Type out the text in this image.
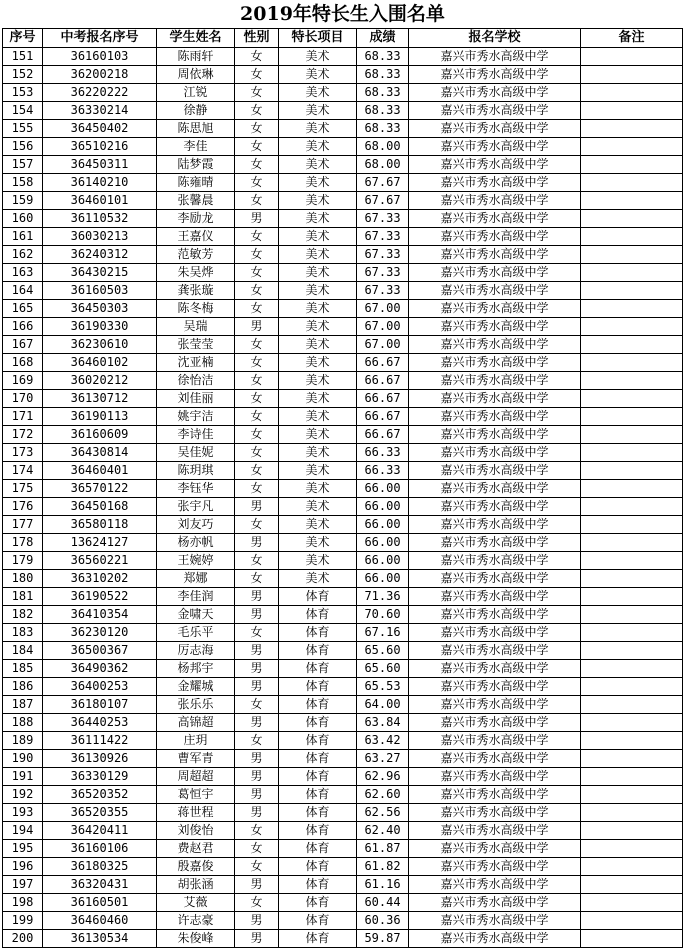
2019年特长生入围名单
序号	中考报名序号	学生姓名	性别	特长项目	成绩	报名学校	备注
151	36160103	陈雨轩	女	美术	68.33	嘉兴市秀水高级中学	
152	36200218	周依琳	女	美术	68.33	嘉兴市秀水高级中学	
153	36220222	江锐	女	美术	68.33	嘉兴市秀水高级中学	
154	36330214	徐静	女	美术	68.33	嘉兴市秀水高级中学	
155	36450402	陈思旭	女	美术	68.33	嘉兴市秀水高级中学	
156	36510216	李佳	女	美术	68.00	嘉兴市秀水高级中学	
157	36450311	陆梦霞	女	美术	68.00	嘉兴市秀水高级中学	
158	36140210	陈雍晴	女	美术	67.67	嘉兴市秀水高级中学	
159	36460101	张馨晨	女	美术	67.67	嘉兴市秀水高级中学	
160	36110532	李励龙	男	美术	67.33	嘉兴市秀水高级中学	
161	36030213	王嘉仪	女	美术	67.33	嘉兴市秀水高级中学	
162	36240312	范敏芳	女	美术	67.33	嘉兴市秀水高级中学	
163	36430215	朱吴烨	女	美术	67.33	嘉兴市秀水高级中学	
164	36160503	龚张璇	女	美术	67.33	嘉兴市秀水高级中学	
165	36450303	陈冬梅	女	美术	67.00	嘉兴市秀水高级中学	
166	36190330	吴瑞	男	美术	67.00	嘉兴市秀水高级中学	
167	36230610	张莹莹	女	美术	67.00	嘉兴市秀水高级中学	
168	36460102	沈亚楠	女	美术	66.67	嘉兴市秀水高级中学	
169	36020212	徐怡洁	女	美术	66.67	嘉兴市秀水高级中学	
170	36130712	刘佳丽	女	美术	66.67	嘉兴市秀水高级中学	
171	36190113	姚宇洁	女	美术	66.67	嘉兴市秀水高级中学	
172	36160609	李诗佳	女	美术	66.67	嘉兴市秀水高级中学	
173	36430814	吴佳妮	女	美术	66.33	嘉兴市秀水高级中学	
174	36460401	陈玥琪	女	美术	66.33	嘉兴市秀水高级中学	
175	36570122	李钰华	女	美术	66.00	嘉兴市秀水高级中学	
176	36450168	张宇凡	男	美术	66.00	嘉兴市秀水高级中学	
177	36580118	刘友巧	女	美术	66.00	嘉兴市秀水高级中学	
178	13624127	杨亦帆	男	美术	66.00	嘉兴市秀水高级中学	
179	36560221	王婉婷	女	美术	66.00	嘉兴市秀水高级中学	
180	36310202	郑娜	女	美术	66.00	嘉兴市秀水高级中学	
181	36190522	李佳润	男	体育	71.36	嘉兴市秀水高级中学	
182	36410354	金啸天	男	体育	70.60	嘉兴市秀水高级中学	
183	36230120	毛乐平	女	体育	67.16	嘉兴市秀水高级中学	
184	36500367	厉志海	男	体育	65.60	嘉兴市秀水高级中学	
185	36490362	杨邦宇	男	体育	65.60	嘉兴市秀水高级中学	
186	36400253	金耀城	男	体育	65.53	嘉兴市秀水高级中学	
187	36180107	张乐乐	女	体育	64.00	嘉兴市秀水高级中学	
188	36440253	高锦超	男	体育	63.84	嘉兴市秀水高级中学	
189	36111422	庄玥	女	体育	63.42	嘉兴市秀水高级中学	
190	36130926	曹军青	男	体育	63.27	嘉兴市秀水高级中学	
191	36330129	周超超	男	体育	62.96	嘉兴市秀水高级中学	
192	36520352	葛恒宇	男	体育	62.60	嘉兴市秀水高级中学	
193	36520355	蒋世程	男	体育	62.56	嘉兴市秀水高级中学	
194	36420411	刘俊怡	女	体育	62.40	嘉兴市秀水高级中学	
195	36160106	费赵君	女	体育	61.87	嘉兴市秀水高级中学	
196	36180325	殷嘉俊	女	体育	61.82	嘉兴市秀水高级中学	
197	36320431	胡张涵	男	体育	61.16	嘉兴市秀水高级中学	
198	36160501	艾薇	女	体育	60.44	嘉兴市秀水高级中学	
199	36460460	许志豪	男	体育	60.36	嘉兴市秀水高级中学	
200	36130534	朱俊峰	男	体育	59.87	嘉兴市秀水高级中学	
